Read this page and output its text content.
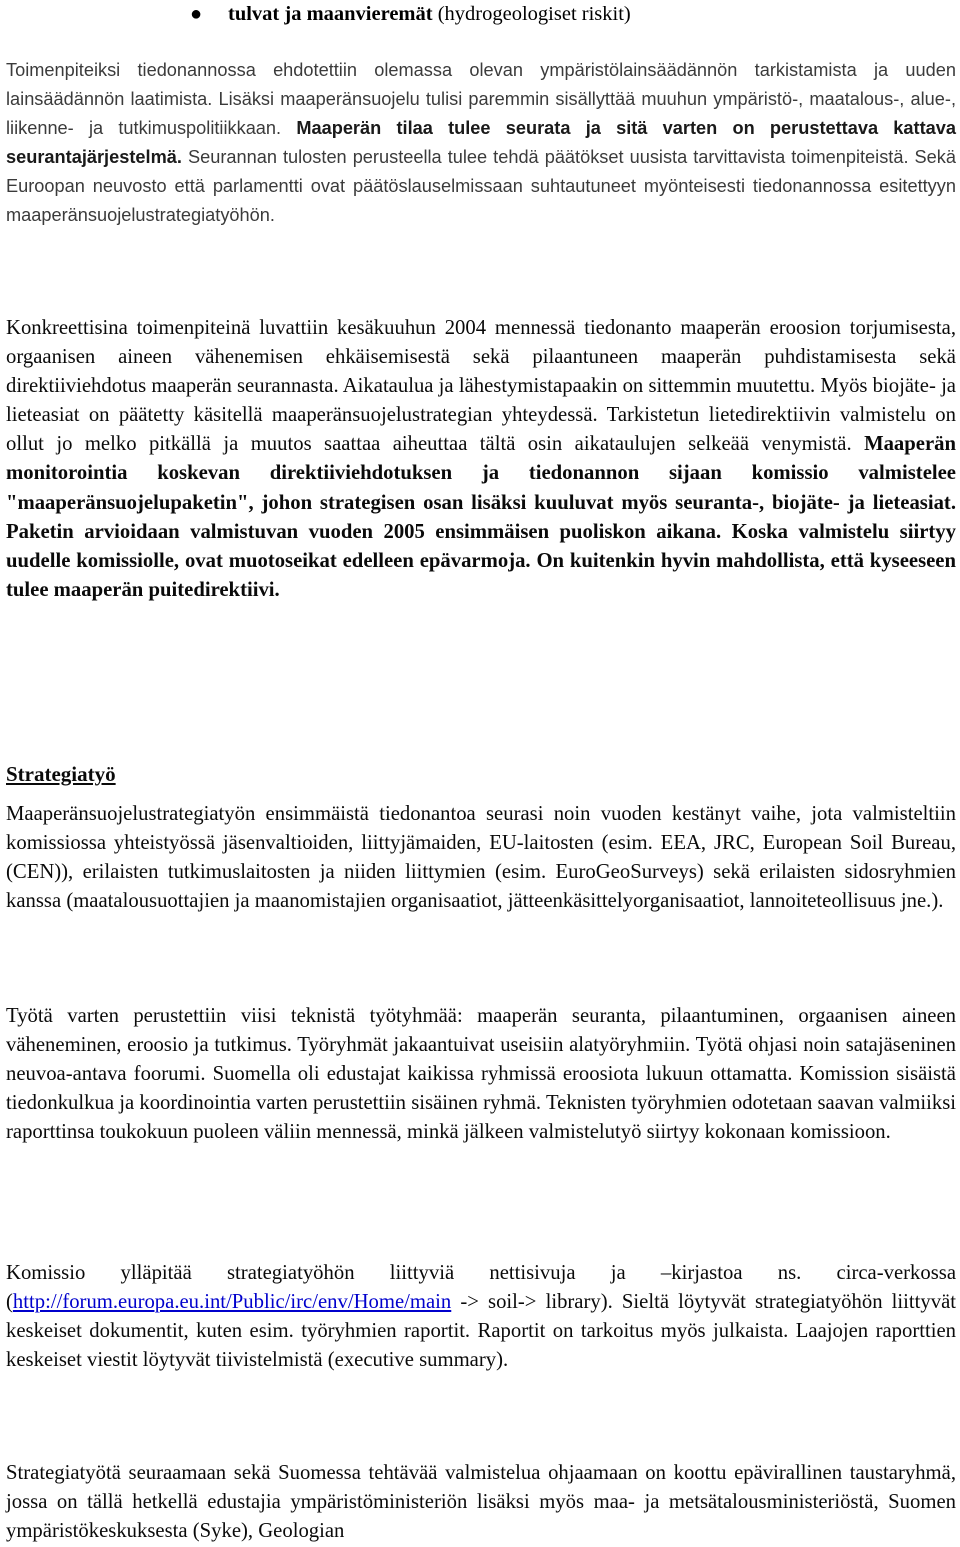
● tulvat ja maanvieremät (hydrogeologiset riskit)

Toimenpiteiksi tiedonannossa ehdotettiin olemassa olevan ympäristölainsäädännön tarkistamista ja uuden lainsäädännön laatimista. Lisäksi maaperänsuojelu tulisi paremmin sisällyttää muuhun ympäristö-, maatalous-, alue-, liikenne- ja tutkimuspolitiikkaan. Maaperän tilaa tulee seurata ja sitä varten on perustettava kattava seurantajärjestelmä. Seurannan tulosten perusteella tulee tehdä päätökset uusista tarvittavista toimenpiteistä. Sekä Euroopan neuvosto että parlamentti ovat päätöslauselmissaan suhtautuneet myönteisesti tiedonannossa esitettyyn maaperänsuojelustrategiatyöhön.

Konkreettisina toimenpiteinä luvattiin kesäkuuhun 2004 mennessä tiedonanto maaperän eroosion torjumisesta, orgaanisen aineen vähenemisen ehkäisemisestä sekä pilaantuneen maaperän puhdistamisesta sekä direktiiviehdotus maaperän seurannasta. Aikataulua ja lähestymistapaakin on sittemmin muutettu. Myös biojäte- ja lieteasiat on päätetty käsitellä maaperänsuojelustrategian yhteydessä. Tarkistetun lietedirektiivin valmistelu on ollut jo melko pitkällä ja muutos saattaa aiheuttaa tältä osin aikataulujen selkeää venymistä. Maaperän monitorointia koskevan direktiiviehdotuksen ja tiedonannon sijaan komissio valmistelee "maaperänsuojelupaketin", johon strategisen osan lisäksi kuuluvat myös seuranta-, biojäte- ja lieteasiat. Paketin arvioidaan valmistuvan vuoden 2005 ensimmäisen puoliskon aikana. Koska valmistelu siirtyy uudelle komissiolle, ovat muotoseikat edelleen epävarmoja. On kuitenkin hyvin mahdollista, että kyseeseen tulee maaperän puitedirektiivi.

Strategiatyö

Maaperänsuojelustrategiatyön ensimmäistä tiedonantoa seurasi noin vuoden kestänyt vaihe, jota valmisteltiin komissiossa yhteistyössä jäsenvaltioiden, liittyjämaiden, EU-laitosten (esim. EEA, JRC, European Soil Bureau, (CEN)), erilaisten tutkimuslaitosten ja niiden liittymien (esim. EuroGeoSurveys) sekä erilaisten sidosryhmien kanssa (maatalousuottajien ja maanomistajien organisaatiot, jätteenkäsittelyorganisaatiot, lannoiteteollisuus jne.).

Työtä varten perustettiin viisi teknistä työtyhmää: maaperän seuranta, pilaantuminen, orgaanisen aineen väheneminen, eroosio ja tutkimus. Työryhmät jakaantuivat useisiin alatyöryhmiin. Työtä ohjasi noin satajäseninen neuvoa-antava foorumi. Suomella oli edustajat kaikissa ryhmissä eroosiota lukuun ottamatta. Komission sisäistä tiedonkulkua ja koordinointia varten perustettiin sisäinen ryhmä. Teknisten työryhmien odotetaan saavan valmiiksi raporttinsa toukokuun puoleen väliin mennessä, minkä jälkeen valmistelutyö siirtyy kokonaan komissioon.

Komissio ylläpitää strategiatyöhön liittyviä nettisivuja ja –kirjastoa ns. circa-verkossa (http://forum.europa.eu.int/Public/irc/env/Home/main -> soil-> library). Sieltä löytyvät strategiatyöhön liittyvät keskeiset dokumentit, kuten esim. työryhmien raportit. Raportit on tarkoitus myös julkaista. Laajojen raporttien keskeiset viestit löytyvät tiivistelmistä (executive summary).

Strategiatyötä seuraamaan sekä Suomessa tehtävää valmistelua ohjaamaan on koottu epävirallinen taustaryhmä, jossa on tällä hetkellä edustajia ympäristöministeriön lisäksi myös maa- ja metsätalousministeriöstä, Suomen ympäristökeskuksesta (Syke), Geologian
